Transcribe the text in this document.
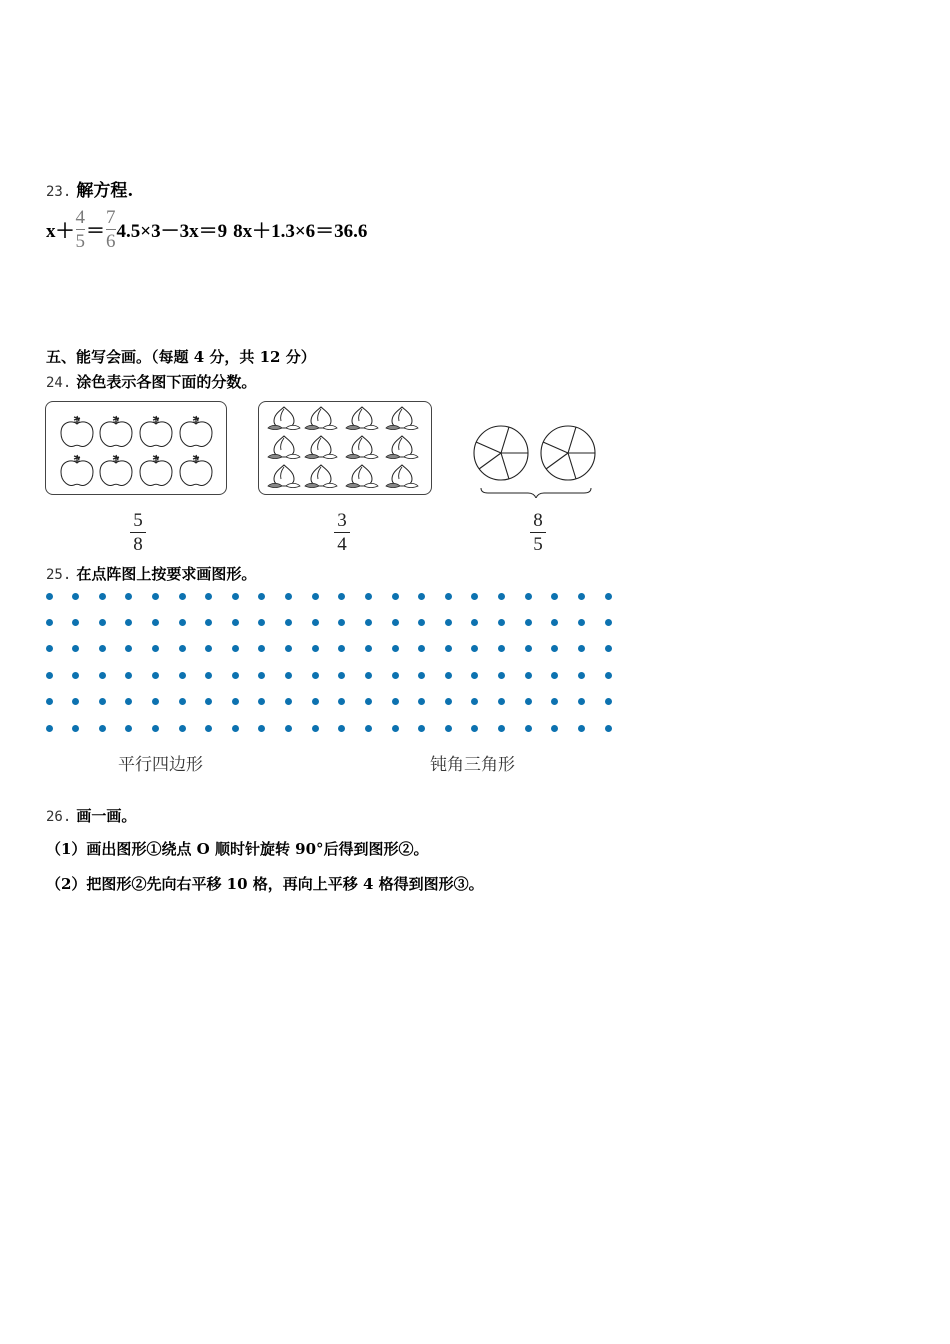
23. 解方程.
$x+ \frac{4}{5} = \frac{7}{6} 4.5\times 3-3x=9$ 8x＋1.3×6＝36.6
五、能写会画。（每题 4 分，共 12 分）
24. 涂色表示各图下面的分数。
$\frac{5}{8}$	$\frac{3}{4}$	$\frac{8}{5}$
25. 在点阵图上按要求画图形。
平行四边形	钝角三角形
26. 画一画。
（1）画出图形①绕点 O 顺时针旋转 90°后得到图形②。
（2）把图形②先向右平移 10 格，再向上平移 4 格得到图形③。
